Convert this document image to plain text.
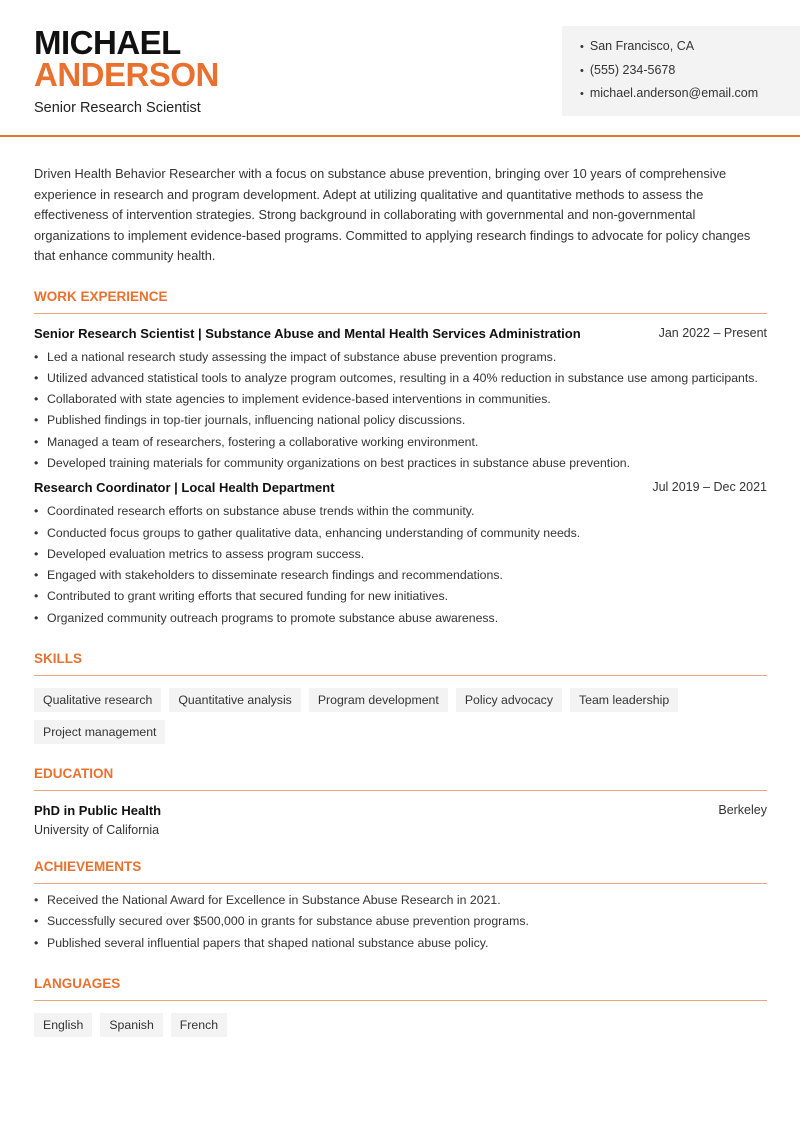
MICHAEL
ANDERSON
Senior Research Scientist
• San Francisco, CA
• (555) 234-5678
• michael.anderson@email.com

Driven Health Behavior Researcher with a focus on substance abuse prevention, bringing over 10 years of comprehensive experience in research and program development. Adept at utilizing qualitative and quantitative methods to assess the effectiveness of intervention strategies. Strong background in collaborating with governmental and non-governmental organizations to implement evidence-based programs. Committed to applying research findings to advocate for policy changes that enhance community health.

WORK EXPERIENCE
Senior Research Scientist | Substance Abuse and Mental Health Services Administration	Jan 2022 – Present
• Led a national research study assessing the impact of substance abuse prevention programs.
• Utilized advanced statistical tools to analyze program outcomes, resulting in a 40% reduction in substance use among participants.
• Collaborated with state agencies to implement evidence-based interventions in communities.
• Published findings in top-tier journals, influencing national policy discussions.
• Managed a team of researchers, fostering a collaborative working environment.
• Developed training materials for community organizations on best practices in substance abuse prevention.
Research Coordinator | Local Health Department	Jul 2019 – Dec 2021
• Coordinated research efforts on substance abuse trends within the community.
• Conducted focus groups to gather qualitative data, enhancing understanding of community needs.
• Developed evaluation metrics to assess program success.
• Engaged with stakeholders to disseminate research findings and recommendations.
• Contributed to grant writing efforts that secured funding for new initiatives.
• Organized community outreach programs to promote substance abuse awareness.
SKILLS
Qualitative research	Quantitative analysis	Program development	Policy advocacy	Team leadership
Project management
EDUCATION
PhD in Public Health	Berkeley
University of California
ACHIEVEMENTS
• Received the National Award for Excellence in Substance Abuse Research in 2021.
• Successfully secured over $500,000 in grants for substance abuse prevention programs.
• Published several influential papers that shaped national substance abuse policy.
LANGUAGES
English	Spanish	French
